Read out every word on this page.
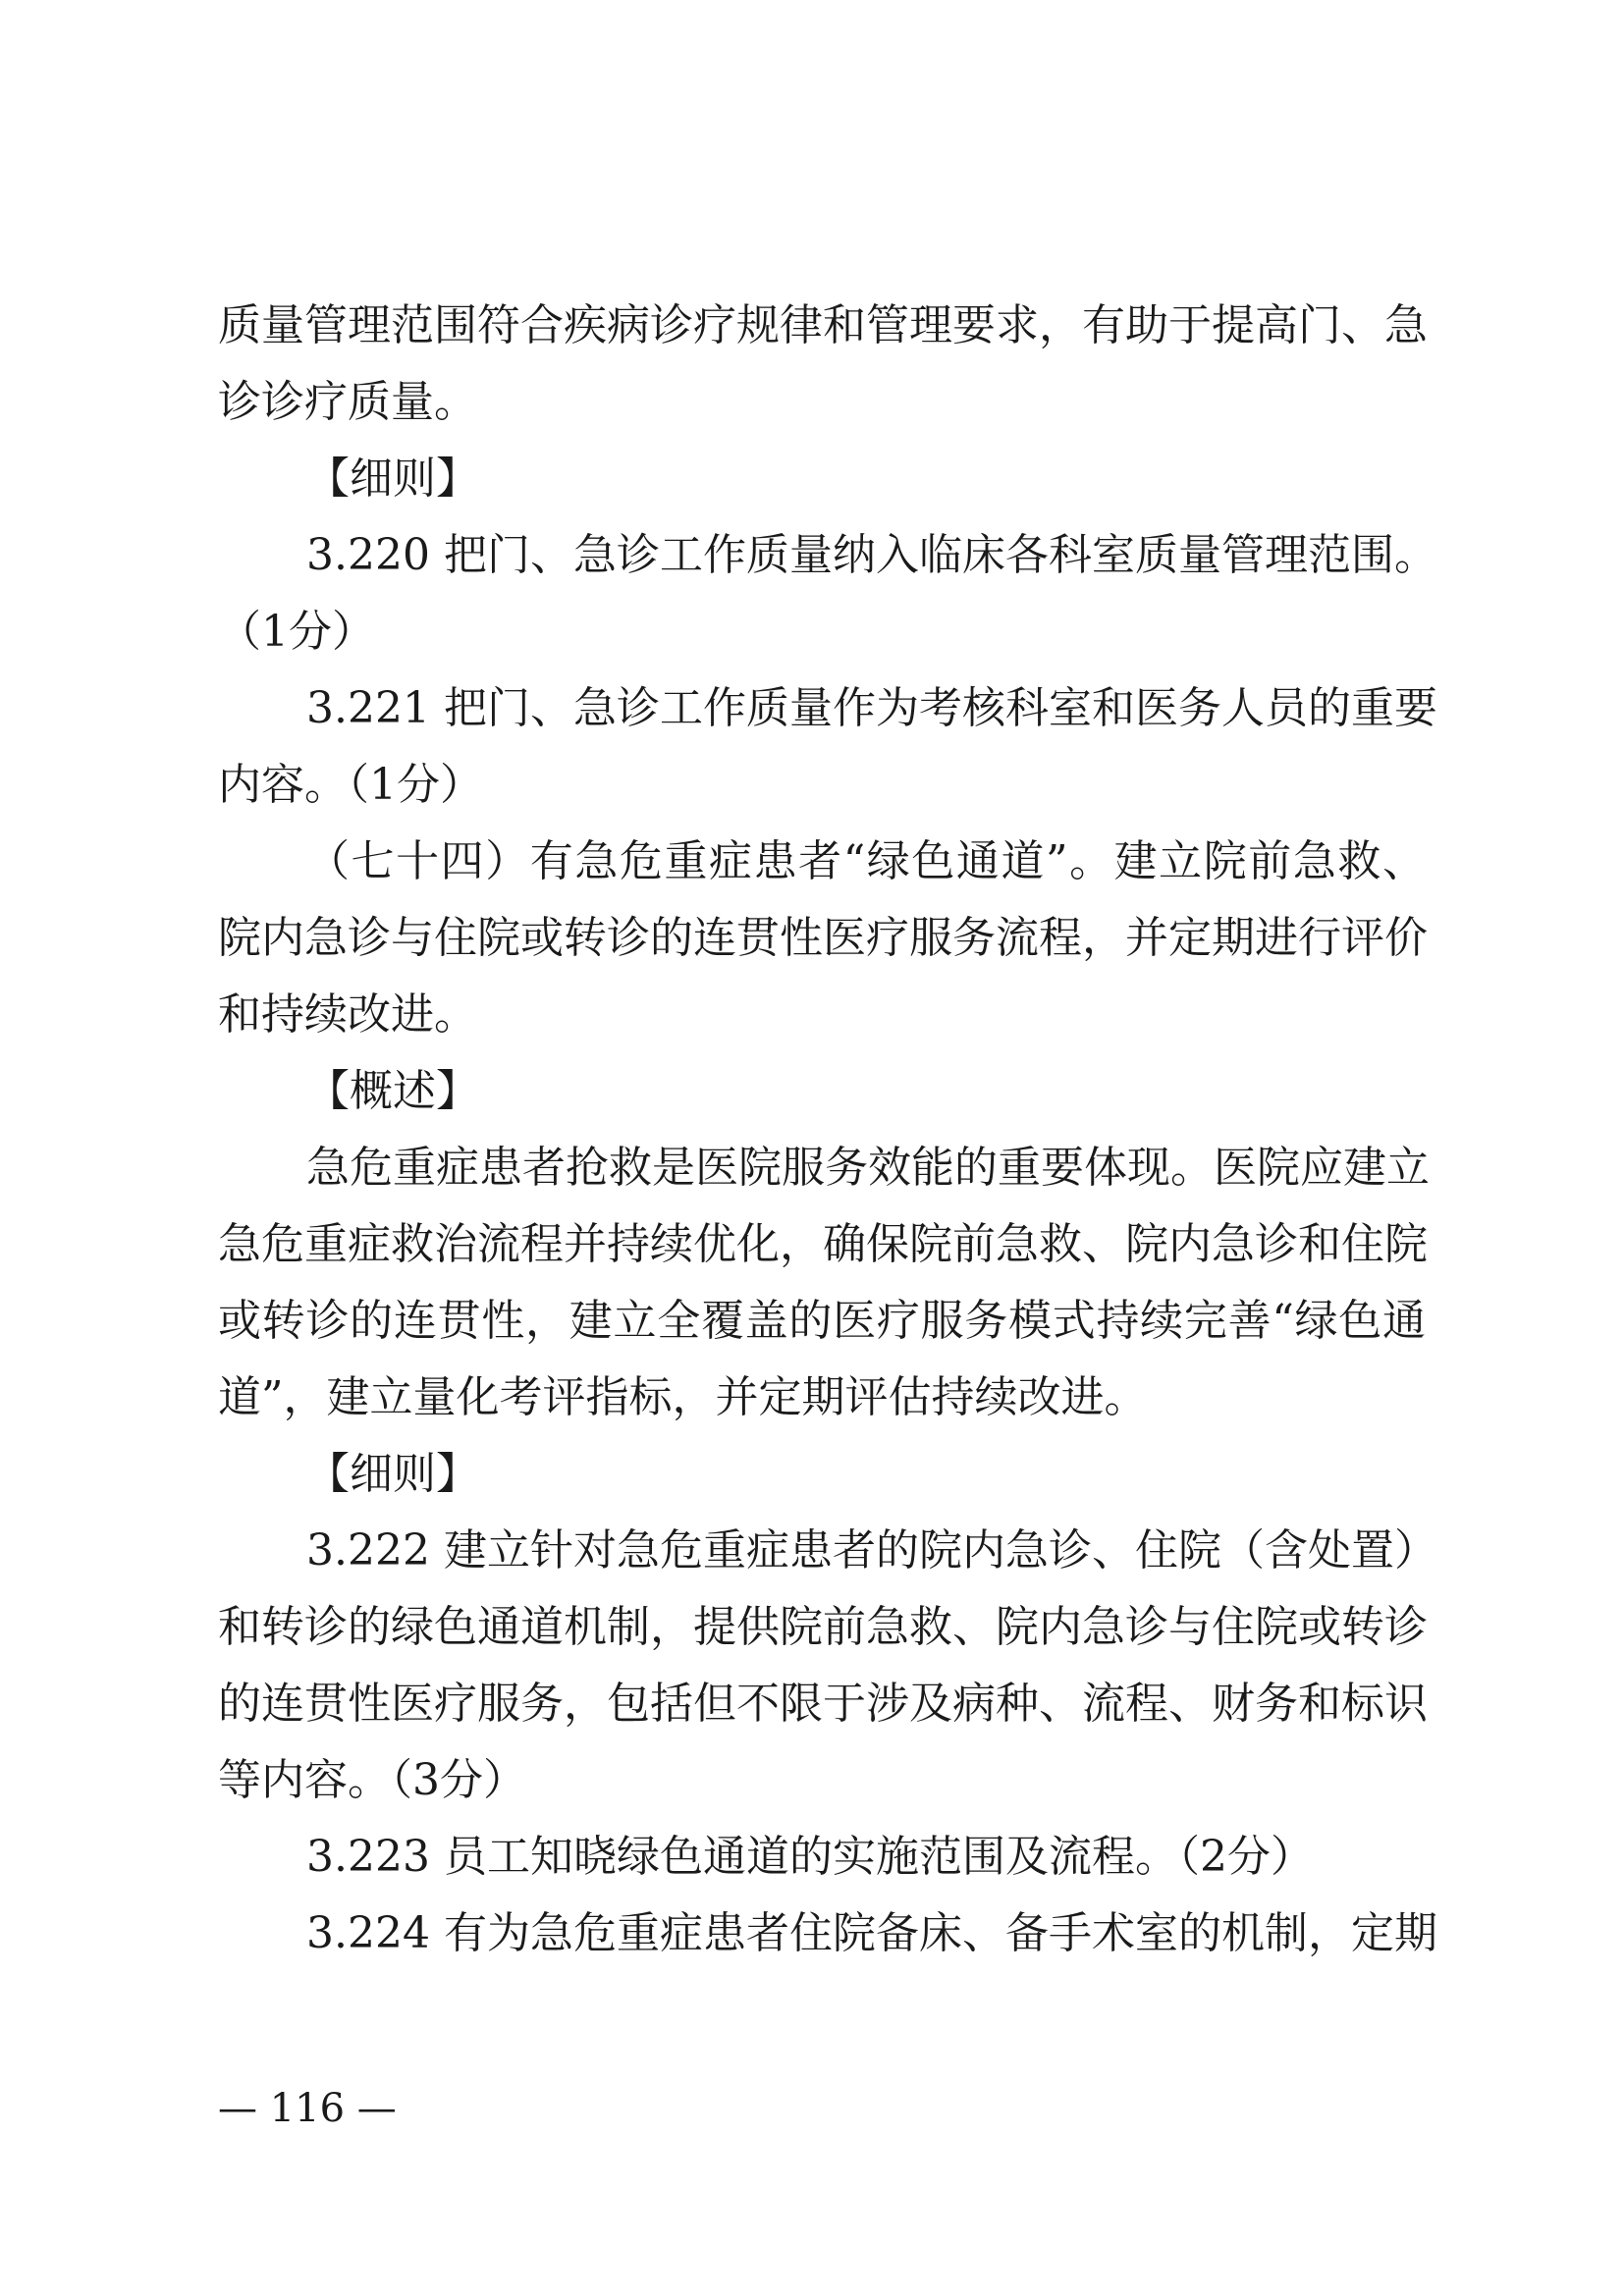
质量管理范围符合疾病诊疗规律和管理要求，有助于提高门、急
诊诊疗质量。
【细则】
3.220 把门、急诊工作质量纳入临床各科室质量管理范围。
（1分）
3.221 把门、急诊工作质量作为考核科室和医务人员的重要
内容。（1分）
（七十四）有急危重症患者“绿色通道”。建立院前急救、
院内急诊与住院或转诊的连贯性医疗服务流程，并定期进行评价
和持续改进。
【概述】
急危重症患者抢救是医院服务效能的重要体现。医院应建立
急危重症救治流程并持续优化，确保院前急救、院内急诊和住院
或转诊的连贯性，建立全覆盖的医疗服务模式持续完善“绿色通
道”，建立量化考评指标，并定期评估持续改进。
【细则】
3.222 建立针对急危重症患者的院内急诊、住院（含处置）
和转诊的绿色通道机制，提供院前急救、院内急诊与住院或转诊
的连贯性医疗服务，包括但不限于涉及病种、流程、财务和标识
等内容。（3分）
3.223 员工知晓绿色通道的实施范围及流程。（2分）
3.224 有为急危重症患者住院备床、备手术室的机制，定期
— 116 —
